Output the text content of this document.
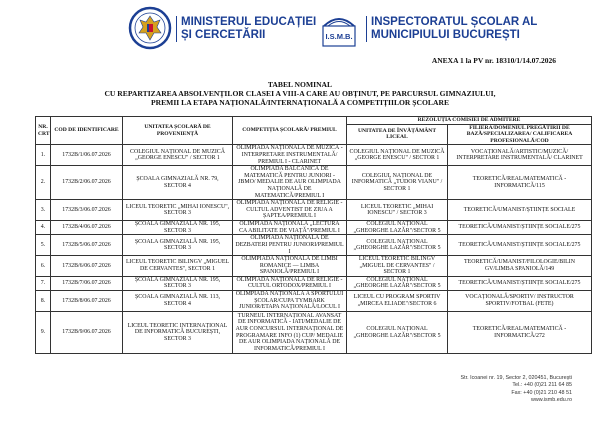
MINISTERUL EDUCAȚIEI
ȘI CERCETĂRII	I.S.M.B.
INSPECTORATUL ȘCOLAR AL
MUNICIPIULUI BUCUREȘTI
ANEXA 1 la PV nr. 18310/1/14.07.2026
TABEL NOMINAL
CU REPARTIZAREA ABSOLVENȚILOR CLASEI A VIII-A CARE AU OBȚINUT, PE PARCURSUL GIMNAZIULUI,
PREMII LA ETAPA NAȚIONALĂ/INTERNAȚIONALĂ A COMPETIȚIILOR ȘCOLARE
NR. CRT	COD DE IDENTIFICARE	UNITATEA ȘCOLARĂ DE PROVENIENȚĂ	COMPETIȚIA ȘCOLARĂ/ PREMIUL	REZOLUȚIA COMISIEI DE ADMITERE	
				UNITATEA DE ÎNVĂȚĂMÂNT LICEAL	FILIERA/DOMENIUL PREGĂTIRII DE BAZĂ/SPECIALIZAREA/ CALIFICAREA PROFESIONALĂ/COD
1.	1732B/1/06.07.2026	COLEGIUL NAȚIONAL DE MUZICĂ „GEORGE ENESCU" / SECTOR 1	OLIMPIADA NAȚIONALĂ DE MUZICĂ - INTERPRETARE INSTRUMENTALĂ/ PREMIUL I - CLARINET	COLEGIUL NAȚIONAL DE MUZICĂ „GEORGE ENESCU" / SECTOR 1	VOCAȚIONALĂ/ARTISTIC/MUZICĂ/ INTERPRETARE INSTRUMENTALĂ/ CLARINET
2.	1732B/2/06.07.2026	ȘCOALA GIMNAZIALĂ NR. 79, SECTOR 4	OLIMPIADA BALCANICĂ DE MATEMATICĂ PENTRU JUNIORI - JBMO/ MEDALIE DE AUR OLIMPIADA NAȚIONALĂ DE MATEMATICĂ/PREMIUL I	COLEGIUL NAȚIONAL DE INFORMATICĂ „TUDOR VIANU" / SECTOR 1	TEORETICĂ/REAL/MATEMATICĂ - INFORMATICĂ/115
3.	1732B/3/06.07.2026	LICEUL TEORETIC „MIHAI IONESCU", SECTOR 3	OLIMPIADA NAȚIONALĂ DE RELIGIE - CULTUL ADVENTIST DE ZIUA A ȘAPTEA/PREMIUL I	LICEUL TEORETIC „MIHAI IONESCU" / SECTOR 3	TEORETICĂ/UMANIST/ȘTIINȚE SOCIALE
4.	1732B/4/06.07.2026	ȘCOALA GIMNAZIALĂ NR. 195, SECTOR 3	OLIMPIADA NAȚIONALĂ „LECTURA CA ABILITATE DE VIAȚĂ"/PREMIUL I	COLEGIUL NAȚIONAL „GHEORGHE LAZĂR"/SECTOR 5	TEORETICĂ/UMANIST/ȘTIINȚE SOCIALE/275
5.	1732B/5/06.07.2026	ȘCOALA GIMNAZIALĂ NR. 195, SECTOR 3	OLIMPIADA NAȚIONALĂ DE DEZBATERI PENTRU JUNIORI/PREMIUL I	COLEGIUL NAȚIONAL „GHEORGHE LAZĂR"/SECTOR 5	TEORETICĂ/UMANIST/ȘTIINȚE SOCIALE/275
6.	1732B/6/06.07.2026	LICEUL TEORETIC BILINGV „MIGUEL DE CERVANTES", SECTOR 1	OLIMPIADA NAȚIONALĂ DE LIMBI ROMANICE — LIMBA SPANIOLĂ/PREMIUL I	LICEUL TEORETIC BILINGV „MIGUEL DE CERVANTES" / SECTOR 1	TEORETICĂ/UMANIST/FILOLOGIE/BILIN GV/LIMBA SPANIOLĂ/149
7.	1732B/7/06.07.2026	ȘCOALA GIMNAZIALĂ NR. 195, SECTOR 3	OLIMPIADA NAȚIONALĂ DE RELIGIE - CULTUL ORTODOX/PREMIUL I	COLEGIUL NAȚIONAL „GHEORGHE LAZĂR"/SECTOR 5	TEORETICĂ/UMANIST/ȘTIINȚE SOCIALE/275
8.	1732B/8/06.07.2026	ȘCOALA GIMNAZIALĂ NR. 113, SECTOR 4	OLIMPIADA NAȚIONALĂ A SPORTULUI ȘCOLAR/CUPA TYMBARK JUNIOR/ETAPA NAȚIONALĂ/LOCUL I	LICEUL CU PROGRAM SPORTIV „MIRCEA ELIADE"/SECTOR 6	VOCAȚIONALĂ/SPORTIV/ INSTRUCTOR SPORTIV/FOTBAL (FETE)
9.	1732B/9/06.07.2026	LICEUL TEORETIC INTERNAȚIONAL DE INFORMATICĂ BUCUREȘTI, SECTOR 3	TURNEUL INTERNAȚIONAL AVANSAT DE INFORMATICĂ - IATI/MEDALIE DE AUR CONCURSUL INTERNAȚIONAL DE PROGRAMARE INFO (1) CUP/ MEDALIE DE AUR OLIMPIADA NAȚIONALĂ DE INFORMATICĂ/PREMIUL I	COLEGIUL NAȚIONAL „GHEORGHE LAZĂR"/SECTOR 5	TEORETICĂ/REAL/MATEMATICĂ - INFORMATICĂ/272
Str. Icoanei nr. 19, Sector 2, 020451, București
Tel.: +40 (0)21 211 64 85
Fax: +40 (0)21 210 48 51
www.ismb.edu.ro
